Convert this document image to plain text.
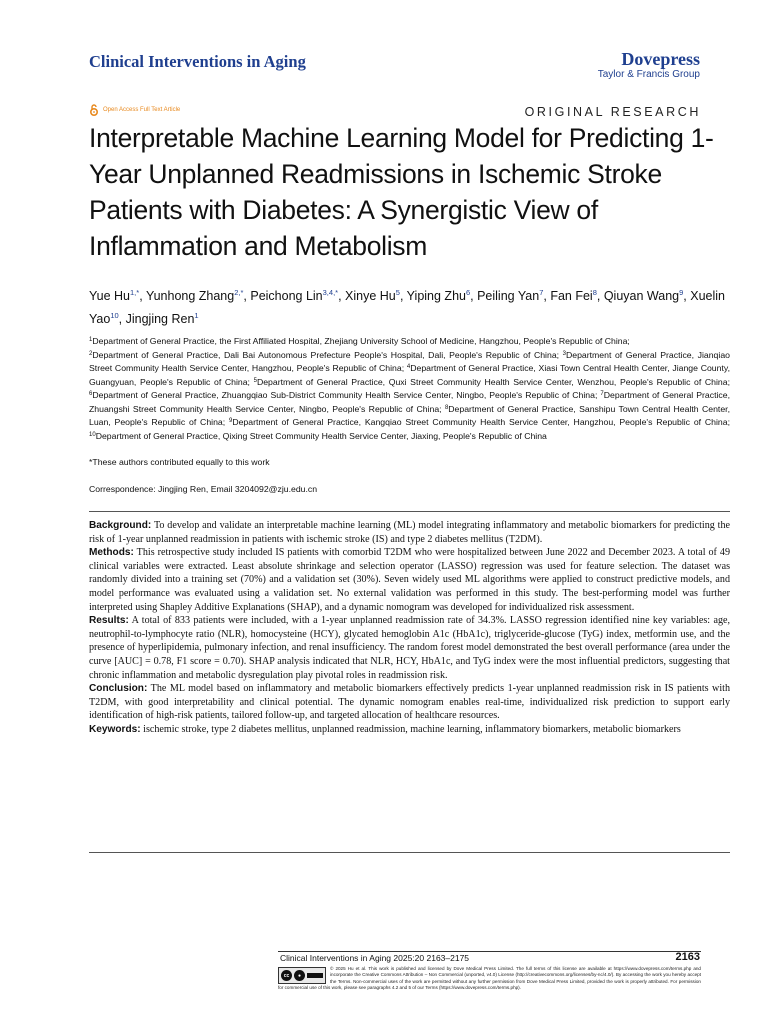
Clinical Interventions in Aging	Dovepress
Taylor & Francis Group
Open Access Full Text Article	ORIGINAL RESEARCH
Interpretable Machine Learning Model for Predicting 1-Year Unplanned Readmissions in Ischemic Stroke Patients with Diabetes: A Synergistic View of Inflammation and Metabolism
Yue $Hu^{1,*}$, Yunhong Zhang$^{2,*}$, Peichong Lin$^{3,4,*}$, Xinye Hu$^5$, Yiping Zhu$^6$, Peiling Yan$^7$, Fan Fei$^8$, Qiuyan Wang$^9$, Xuelin Yao$^{10}$, Jingjing Ren$^1$
$^1$Department of General Practice, the First Affiliated Hospital, Zhejiang University School of Medicine, Hangzhou, People's Republic of China;
$^2$Department of General Practice, Dali Bai Autonomous Prefecture People's Hospital, Dali, People's Republic of China; $^3$Department of General Practice, Jianqiao Street Community Health Service Center, Hangzhou, People's Republic of China; $^4$Department of General Practice, Xiasi Town Central Health Center, Jiange County, Guangyuan, People's Republic of China; $^5$Department of General Practice, Quxi Street Community Health Service Center, Wenzhou, People's Republic of China; $^6$Department of General Practice, Zhuangqiao Sub-District Community Health Service Center, Ningbo, People's Republic of China; $^7$Department of General Practice, Zhuangshi Street Community Health Service Center, Ningbo, People's Republic of China; $^8$Department of General Practice, Sanshipu Town Central Health Center, Luan, People's Republic of China; $^9$Department of General Practice, Kangqiao Street Community Health Service Center, Hangzhou, People's Republic of China; $^{10}$Department of General Practice, Qixing Street Community Health Service Center, Jiaxing, People's Republic of China
*These authors contributed equally to this work
Correspondence: Jingjing Ren, Email 3204092@zju.edu.cn

Background: To develop and validate an interpretable machine learning (ML) model integrating inflammatory and metabolic biomarkers for predicting the risk of 1-year unplanned readmission in patients with ischemic stroke (IS) and type 2 diabetes mellitus (T2DM).

Methods: This retrospective study included IS patients with comorbid T2DM who were hospitalized between June 2022 and December 2023. A total of 49 clinical variables were extracted. Least absolute shrinkage and selection operator (LASSO) regression was used for feature selection. The dataset was randomly divided into a training set (70%) and a validation set (30%). Seven widely used ML algorithms were applied to construct predictive models, and model performance was evaluated using a validation set. No external validation was performed in this study. The best-performing model was further interpreted using Shapley Additive Explanations (SHAP), and a dynamic nomogram was developed for individualized risk assessment.

Results: A total of 833 patients were included, with a 1-year unplanned readmission rate of 34.3%. LASSO regression identified nine key variables: age, neutrophil-to-lymphocyte ratio (NLR), homocysteine (HCY), glycated hemoglobin A1c (HbA1c), triglyceride-glucose (TyG) index, metformin use, and the presence of hyperlipidemia, pulmonary infection, and renal insufficiency. The random forest model demonstrated the best overall performance (area under the curve [AUC] = 0.78, F1 score = 0.70). SHAP analysis indicated that NLR, HCY, HbA1c, and TyG index were the most influential predictors, suggesting that chronic inflammation and metabolic dysregulation play pivotal roles in readmission risk.

Conclusion: The ML model based on inflammatory and metabolic biomarkers effectively predicts 1-year unplanned readmission risk in IS patients with T2DM, with good interpretability and clinical potential. The dynamic nomogram enables real-time, individualized risk prediction to support early identification of high-risk patients, tailored follow-up, and targeted allocation of healthcare resources.

Keywords: ischemic stroke, type 2 diabetes mellitus, unplanned readmission, machine learning, inflammatory biomarkers, metabolic biomarkers

Clinical Interventions in Aging 2025:20 2163–2175	2163
cc	●
© 2025 Hu et al. This work is published and licensed by Dove Medical Press Limited. The full terms of this license are available at https://www.dovepress.com/terms.php and incorporate the Creative Commons Attribution – Non Commercial (unported, v4.0) License (http://creativecommons.org/licenses/by-nc/4.0/). By accessing the work you hereby accept the Terms. Non-commercial uses of the work are permitted without any further permission from Dove Medical Press Limited, provided the work is properly attributed. For permission for commercial use of this work, please see paragraphs 4.2 and 5 of our Terms (https://www.dovepress.com/terms.php).
